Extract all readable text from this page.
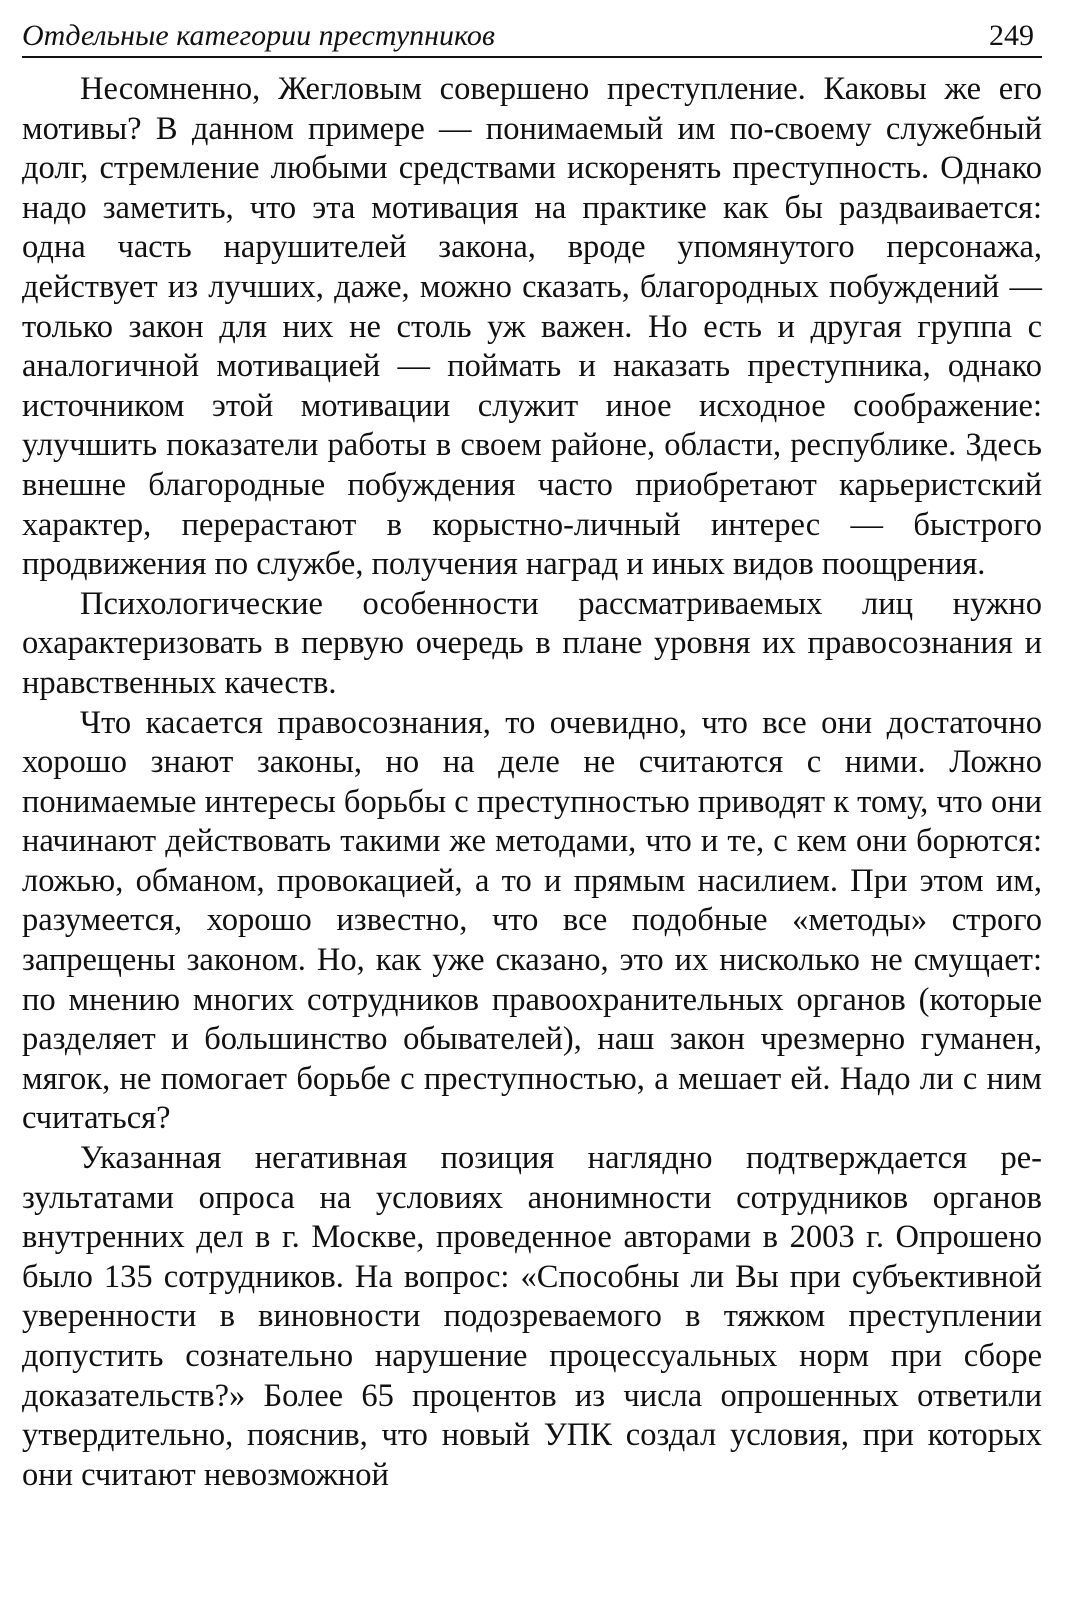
Отдельные категории преступников	249

Несомненно, Жегловым совершено преступление. Каковы же его мотивы? В данном примере — понимаемый им по-своему служебный долг, стремление любыми средствами искоренять преступность. Однако надо заметить, что эта мотивация на практике как бы раздваивается: одна часть нарушителей закона, вроде упомянутого персонажа, действует из лучших, даже, можно сказать, благородных побуждений — только закон для них не столь уж важен. Но есть и другая группа с аналогичной мотивацией — поймать и наказать преступника, однако источником этой мотивации служит иное исходное соображение: улучшить показатели работы в своем районе, области, республике. Здесь внешне благородные побуждения часто приобретают карьеристский характер, перерастают в корыстно-личный интерес — быстрого продвижения по службе, получения наград и иных видов поощрения.

Психологические особенности рассматриваемых лиц нужно охарактеризовать в первую очередь в плане уровня их правосознания и нравственных качеств.

Что касается правосознания, то очевидно, что все они достаточно хорошо знают законы, но на деле не считаются с ними. Ложно понимаемые интересы борьбы с преступностью приводят к тому, что они начинают действовать такими же методами, что и те, с кем они борются: ложью, обманом, провокацией, а то и прямым насилием. При этом им, разумеется, хорошо известно, что все подобные «методы» строго запрещены законом. Но, как уже сказано, это их нисколько не смущает: по мнению многих сотрудников правоохранительных органов (которые разделяет и большинство обывателей), наш закон чрезмерно гуманен, мягок, не помогает борьбе с преступностью, а мешает ей. Надо ли с ним считаться?

Указанная негативная позиция наглядно подтверждается результатами опроса на условиях анонимности сотрудников органов внутренних дел в г. Москве, проведенное авторами в 2003 г. Опрошено было 135 сотрудников. На вопрос: «Способны ли Вы при субъективной уверенности в виновности подозреваемого в тяжком преступлении допустить сознательно нарушение процессуальных норм при сборе доказательств?» Более 65 процентов из числа опрошенных ответили утвердительно, пояснив, что новый УПК создал условия, при которых они считают невозможной
